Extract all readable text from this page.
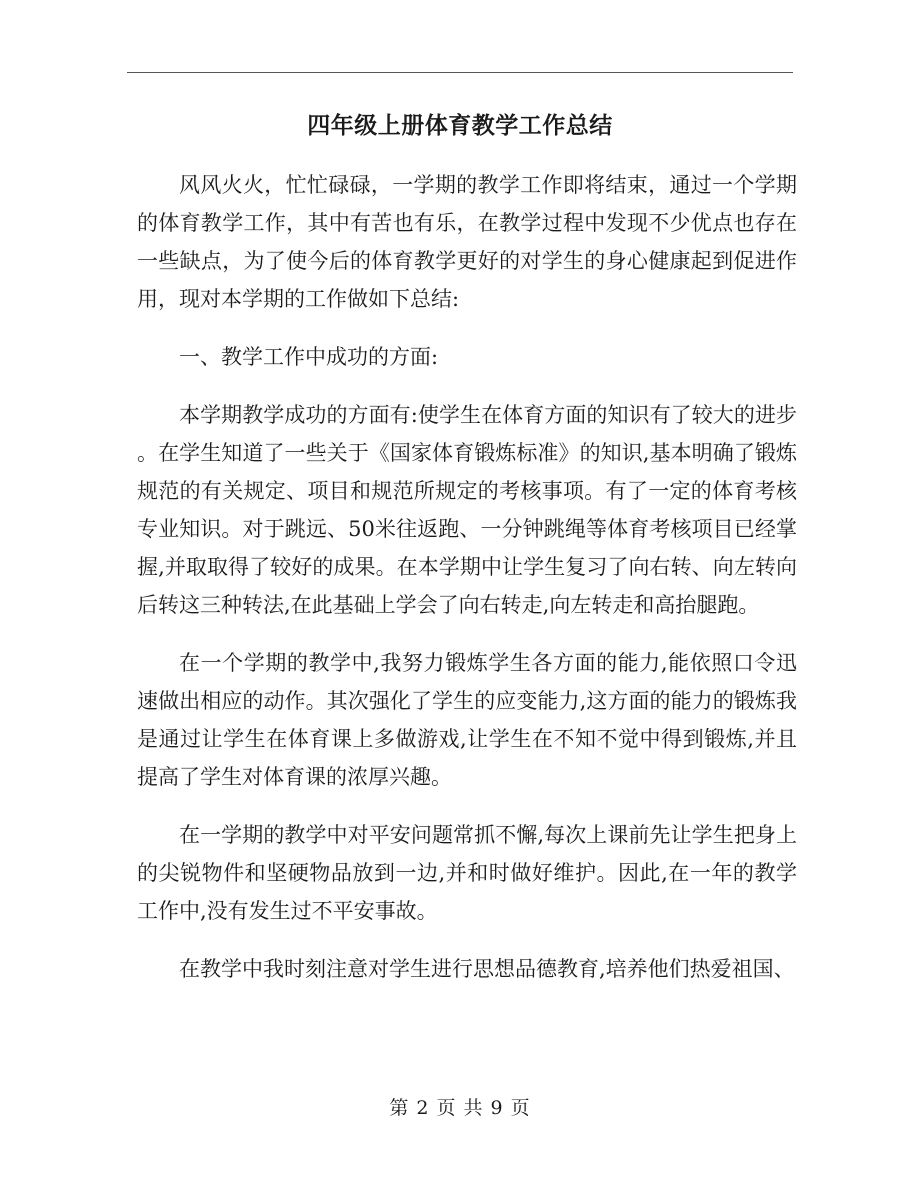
四年级上册体育教学工作总结

风风火火，忙忙碌碌，一学期的教学工作即将结束，通过一个学期的体育教学工作，其中有苦也有乐，在教学过程中发现不少优点也存在一些缺点，为了使今后的体育教学更好的对学生的身心健康起到促进作用，现对本学期的工作做如下总结:

一、教学工作中成功的方面:

本学期教学成功的方面有:使学生在体育方面的知识有了较大的进步。在学生知道了一些关于《国家体育锻炼标准》的知识,基本明确了锻炼规范的有关规定、项目和规范所规定的考核事项。有了一定的体育考核专业知识。对于跳远、50米往返跑、一分钟跳绳等体育考核项目已经掌握,并取取得了较好的成果。在本学期中让学生复习了向右转、向左转向后转这三种转法,在此基础上学会了向右转走,向左转走和高抬腿跑。

在一个学期的教学中,我努力锻炼学生各方面的能力,能依照口令迅速做出相应的动作。其次强化了学生的应变能力,这方面的能力的锻炼我是通过让学生在体育课上多做游戏,让学生在不知不觉中得到锻炼,并且提高了学生对体育课的浓厚兴趣。

在一学期的教学中对平安问题常抓不懈,每次上课前先让学生把身上的尖锐物件和坚硬物品放到一边,并和时做好维护。因此,在一年的教学工作中,没有发生过不平安事故。

在教学中我时刻注意对学生进行思想品德教育,培养他们热爱祖国、

第 2 页 共 9 页
